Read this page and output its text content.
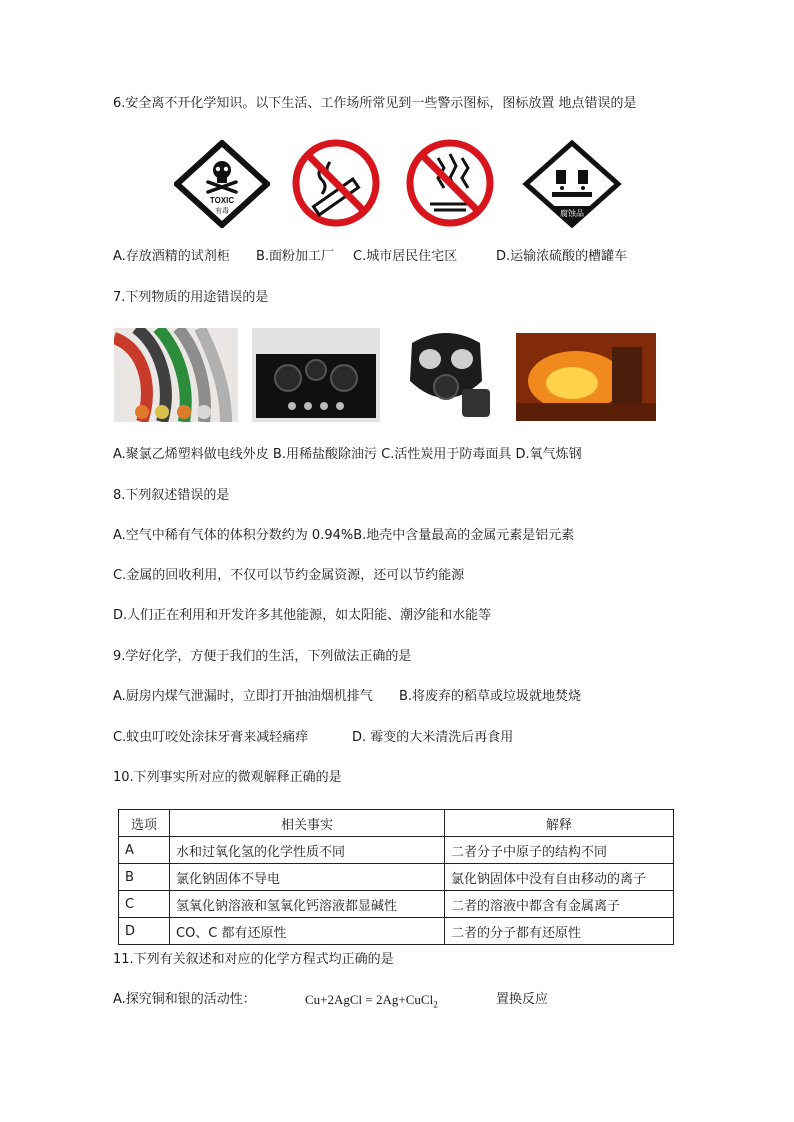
6.安全离不开化学知识。以下生活、工作场所常见到一些警示图标，图标放置 地点错误的是
TOXIC
有毒	腐蚀品
A.存放酒精的试剂柜 B.面粉加工厂 C.城市居民住宅区	D.运输浓硫酸的槽罐车
7.下列物质的用途错误的是
A.聚氯乙烯塑料做电线外皮 B.用稀盐酸除油污 C.活性炭用于防毒面具 D.氧气炼钢
8.下列叙述错误的是
A.空气中稀有气体的体积分数约为 0.94%B.地壳中含量最高的金属元素是铝元素
C.金属的回收利用，不仅可以节约金属资源，还可以节约能源
D.人们正在利用和开发许多其他能源，如太阳能、潮汐能和水能等
9.学好化学，方便于我们的生活，下列做法正确的是
A.厨房内煤气泄漏时，立即打开抽油烟机排气 B.将废弃的稻草或垃圾就地焚烧
C.蚊虫叮咬处涂抹牙膏来减轻痛痒	D. 霉变的大米清洗后再食用
10.下列事实所对应的微观解释正确的是
选项	相关事实	解释
A	水和过氧化氢的化学性质不同	二者分子中原子的结构不同
B	氯化钠固体不导电	氯化钠固体中没有自由移动的离子
C	氢氧化钠溶液和氢氧化钙溶液都显碱性	二者的溶液中都含有金属离子
D	CO、C 都有还原性	二者的分子都有还原性
11.下列有关叙述和对应的化学方程式均正确的是
A.探究铜和银的活动性：	Cu+2AgCl = 2Ag+CuCl$_2$	置换反应
